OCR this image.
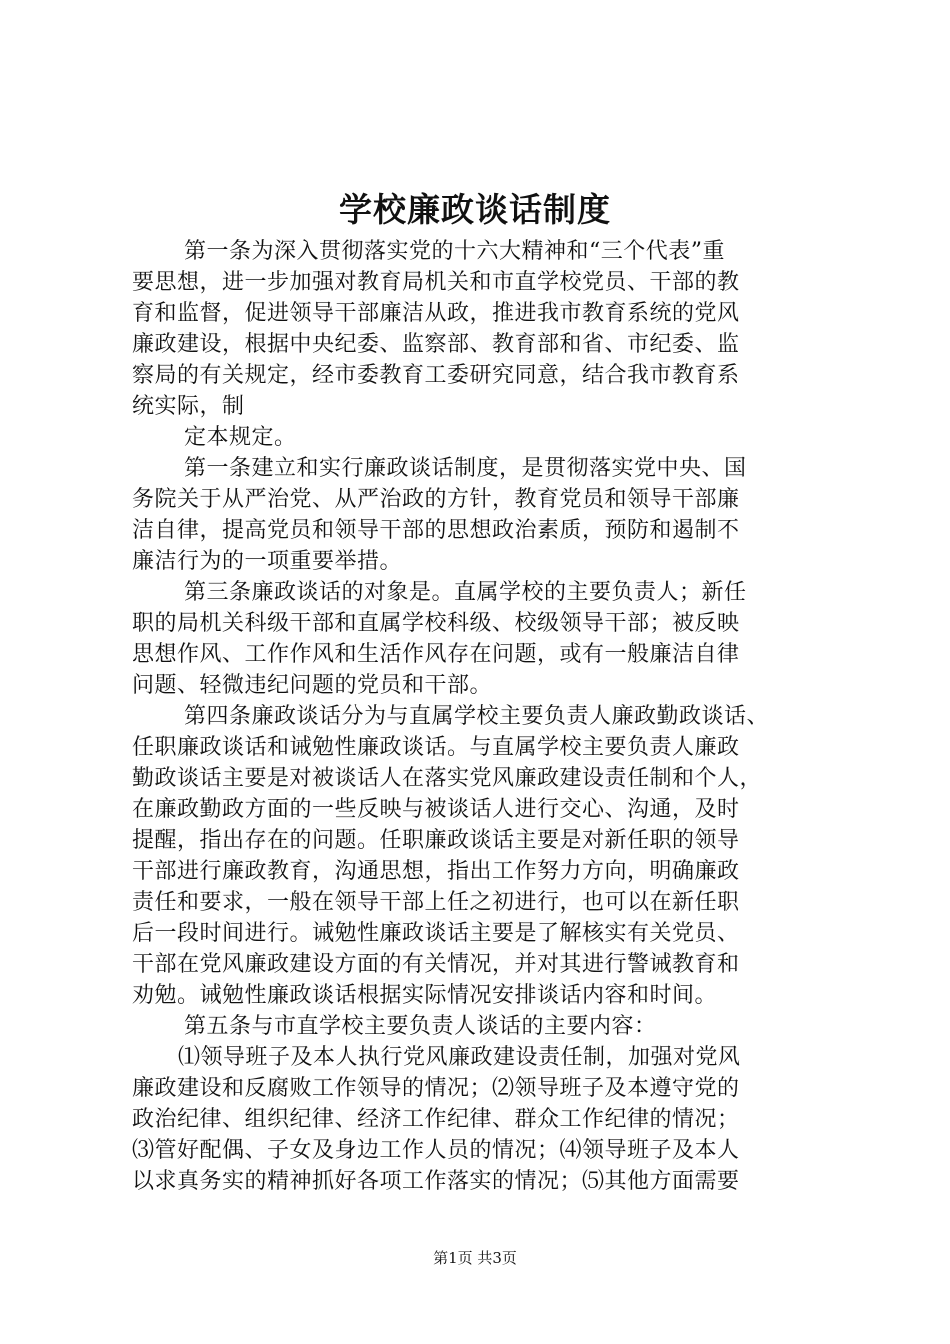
学校廉政谈话制度
第一条为深入贯彻落实党的十六大精神和“三个代表”重
要思想，进一步加强对教育局机关和市直学校党员、干部的教
育和监督，促进领导干部廉洁从政，推进我市教育系统的党风
廉政建设，根据中央纪委、监察部、教育部和省、市纪委、监
察局的有关规定，经市委教育工委研究同意，结合我市教育系
统实际，制
定本规定。
第一条建立和实行廉政谈话制度，是贯彻落实党中央、国
务院关于从严治党、从严治政的方针，教育党员和领导干部廉
洁自律，提高党员和领导干部的思想政治素质，预防和遏制不
廉洁行为的一项重要举措。
第三条廉政谈话的对象是。直属学校的主要负责人；新任
职的局机关科级干部和直属学校科级、校级领导干部；被反映
思想作风、工作作风和生活作风存在问题，或有一般廉洁自律
问题、轻微违纪问题的党员和干部。
第四条廉政谈话分为与直属学校主要负责人廉政勤政谈话、
任职廉政谈话和诫勉性廉政谈话。与直属学校主要负责人廉政
勤政谈话主要是对被谈话人在落实党风廉政建设责任制和个人，
在廉政勤政方面的一些反映与被谈话人进行交心、沟通，及时
提醒，指出存在的问题。任职廉政谈话主要是对新任职的领导
干部进行廉政教育，沟通思想，指出工作努力方向，明确廉政
责任和要求，一般在领导干部上任之初进行，也可以在新任职
后一段时间进行。诫勉性廉政谈话主要是了解核实有关党员、
干部在党风廉政建设方面的有关情况，并对其进行警诫教育和
劝勉。诫勉性廉政谈话根据实际情况安排谈话内容和时间。
第五条与市直学校主要负责人谈话的主要内容：
⑴领导班子及本人执行党风廉政建设责任制，加强对党风
廉政建设和反腐败工作领导的情况；⑵领导班子及本遵守党的
政治纪律、组织纪律、经济工作纪律、群众工作纪律的情况；
⑶管好配偶、子女及身边工作人员的情况；⑷领导班子及本人
以求真务实的精神抓好各项工作落实的情况；⑸其他方面需要
第1页 共3页
